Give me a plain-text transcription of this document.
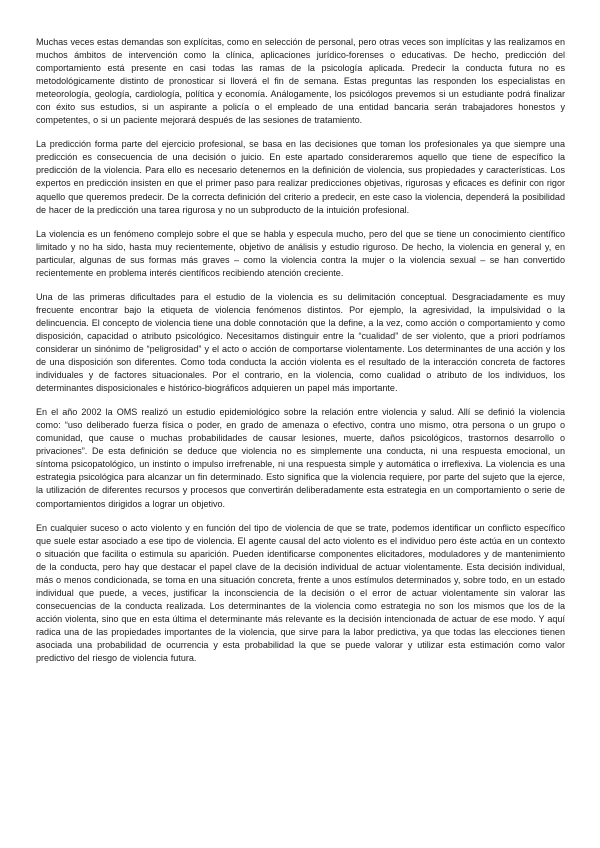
Muchas veces estas demandas son explícitas, como en selección de personal, pero otras veces son implícitas y las realizamos en muchos ámbitos de intervención como la clínica, aplicaciones jurídico-forenses o educativas. De hecho, predicción del comportamiento está presente en casi todas las ramas de la psicología aplicada. Predecir la conducta futura no es metodológicamente distinto de pronosticar si lloverá el fin de semana. Estas preguntas las responden los especialistas en meteorología, geología, cardiología, política y economía. Análogamente, los psicólogos prevemos si un estudiante podrá finalizar con éxito sus estudios, si un aspirante a policía o el empleado de una entidad bancaria serán trabajadores honestos y competentes, o si un paciente mejorará después de las sesiones de tratamiento.

La predicción forma parte del ejercicio profesional, se basa en las decisiones que toman los profesionales ya que siempre una predicción es consecuencia de una decisión o juicio. En este apartado consideraremos aquello que tiene de específico la predicción de la violencia. Para ello es necesario detenernos en la definición de violencia, sus propiedades y características. Los expertos en predicción insisten en que el primer paso para realizar predicciones objetivas, rigurosas y eficaces es definir con rigor aquello que queremos predecir. De la correcta definición del criterio a predecir, en este caso la violencia, dependerá la posibilidad de hacer de la predicción una tarea rigurosa y no un subproducto de la intuición profesional.

La violencia es un fenómeno complejo sobre el que se habla y especula mucho, pero del que se tiene un conocimiento científico limitado y no ha sido, hasta muy recientemente, objetivo de análisis y estudio riguroso. De hecho, la violencia en general y, en particular, algunas de sus formas más graves – como la violencia contra la mujer o la violencia sexual – se han convertido recientemente en problema interés científicos recibiendo atención creciente.

Una de las primeras dificultades para el estudio de la violencia es su delimitación conceptual. Desgraciadamente es muy frecuente encontrar bajo la etiqueta de violencia fenómenos distintos. Por ejemplo, la agresividad, la impulsividad o la delincuencia. El concepto de violencia tiene una doble connotación que la define, a la vez, como acción o comportamiento y como disposición, capacidad o atributo psicológico. Necesitamos distinguir entre la “cualidad” de ser violento, que a priori podríamos considerar un sinónimo de “peligrosidad” y el acto o acción de comportarse violentamente. Los determinantes de una acción y los de una disposición son diferentes. Como toda conducta la acción violenta es el resultado de la interacción concreta de factores individuales y de factores situacionales. Por el contrario, en la violencia, como cualidad o atributo de los individuos, los determinantes disposicionales e histórico-biográficos adquieren un papel más importante.

En el año 2002 la OMS realizó un estudio epidemiológico sobre la relación entre violencia y salud. Allí se definió la violencia como: “uso deliberado fuerza física o poder, en grado de amenaza o efectivo, contra uno mismo, otra persona o un grupo o comunidad, que cause o muchas probabilidades de causar lesiones, muerte, daños psicológicos, trastornos desarrollo o privaciones”. De esta definición se deduce que violencia no es simplemente una conducta, ni una respuesta emocional, un síntoma psicopatológico, un instinto o impulso irrefrenable, ni una respuesta simple y automática o irreflexiva. La violencia es una estrategia psicológica para alcanzar un fin determinado. Esto significa que la violencia requiere, por parte del sujeto que la ejerce, la utilización de diferentes recursos y procesos que convertirán deliberadamente esta estrategia en un comportamiento o serie de comportamientos dirigidos a lograr un objetivo.

En cualquier suceso o acto violento y en función del tipo de violencia de que se trate, podemos identificar un conflicto específico que suele estar asociado a ese tipo de violencia. El agente causal del acto violento es el individuo pero éste actúa en un contexto o situación que facilita o estimula su aparición. Pueden identificarse componentes elicitadores, moduladores y de mantenimiento de la conducta, pero hay que destacar el papel clave de la decisión individual de actuar violentamente. Esta decisión individual, más o menos condicionada, se toma en una situación concreta, frente a unos estímulos determinados y, sobre todo, en un estado individual que puede, a veces, justificar la inconsciencia de la decisión o el error de actuar violentamente sin valorar las consecuencias de la conducta realizada. Los determinantes de la violencia como estrategia no son los mismos que los de la acción violenta, sino que en esta última el determinante más relevante es la decisión intencionada de actuar de ese modo. Y aquí radica una de las propiedades importantes de la violencia, que sirve para la labor predictiva, ya que todas las elecciones tienen asociada una probabilidad de ocurrencia y esta probabilidad la que se puede valorar y utilizar esta estimación como valor predictivo del riesgo de violencia futura.
